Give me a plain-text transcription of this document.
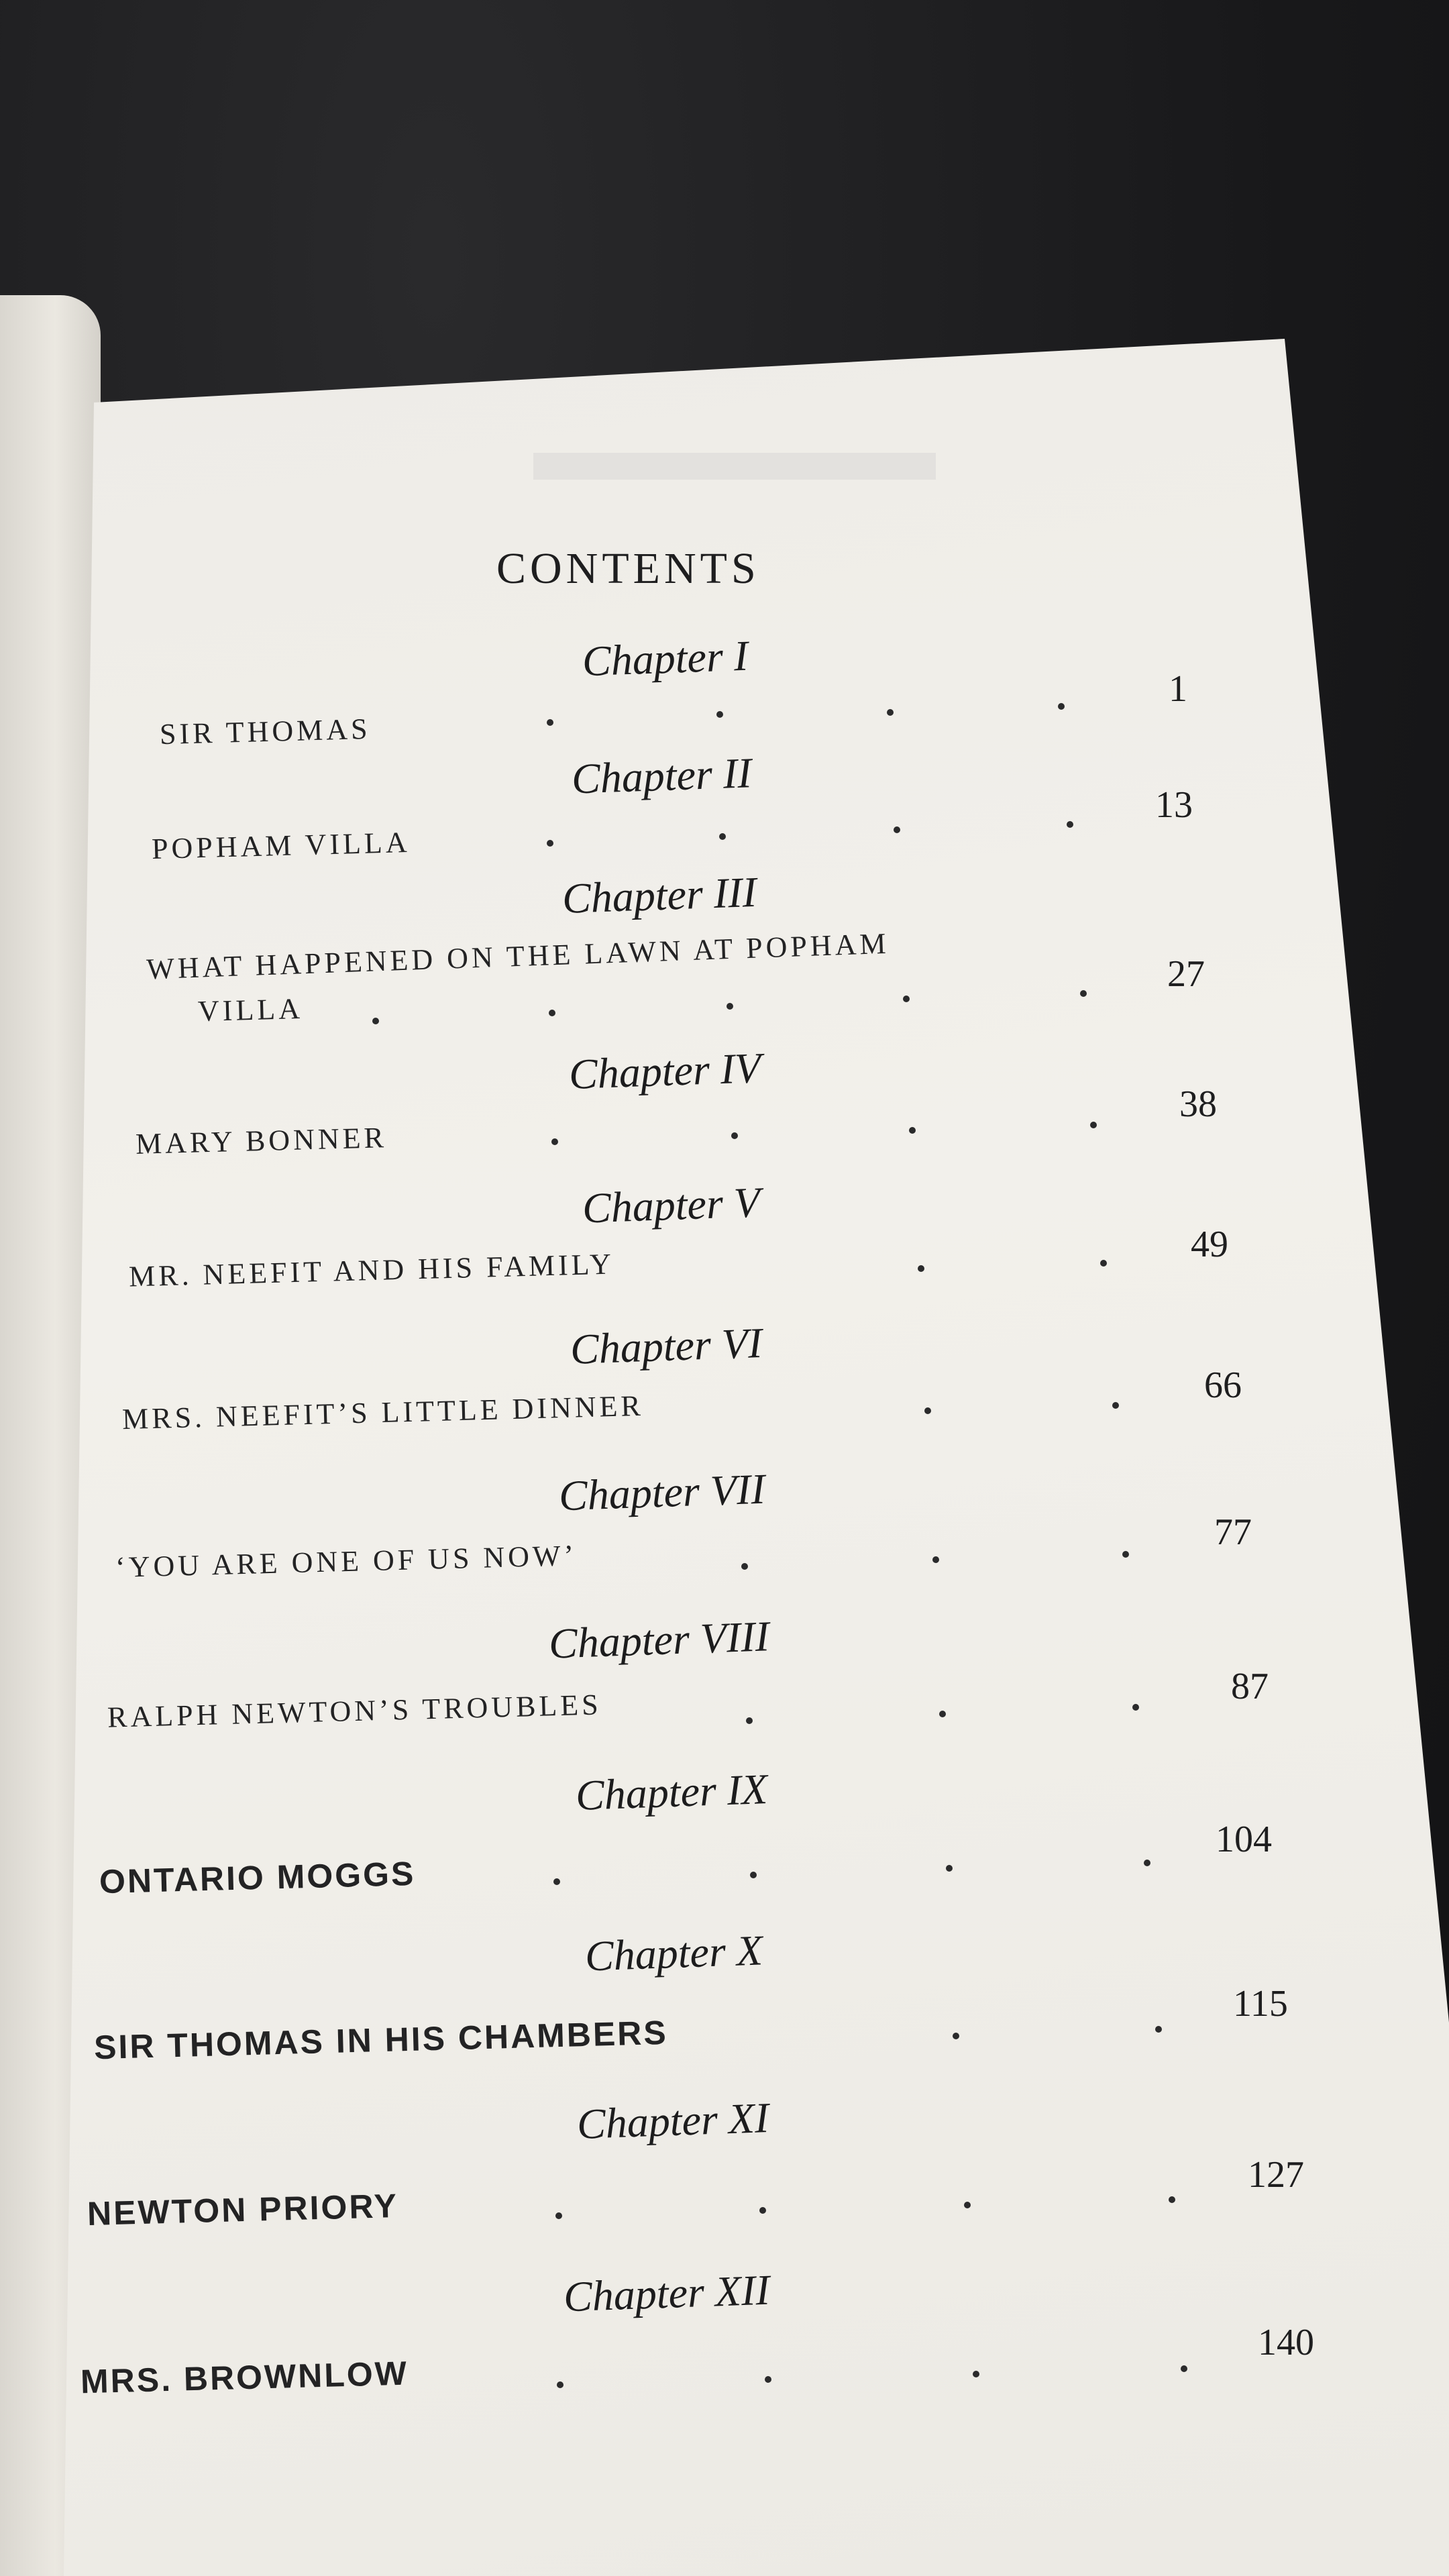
CONTENTS
Chapter I
SIR THOMAS
1
Chapter II
POPHAM VILLA
13
Chapter III
WHAT HAPPENED ON THE LAWN AT POPHAM
VILLA
27
Chapter IV
MARY BONNER
38
Chapter V
MR. NEEFIT AND HIS FAMILY
49
Chapter VI
MRS. NEEFIT’S LITTLE DINNER
66
Chapter VII
‘YOU ARE ONE OF US NOW’
77
Chapter VIII
RALPH NEWTON’S TROUBLES
87
Chapter IX
ONTARIO MOGGS
104
Chapter X
SIR THOMAS IN HIS CHAMBERS
115
Chapter XI
NEWTON PRIORY
127
Chapter XII
MRS. BROWNLOW
140
